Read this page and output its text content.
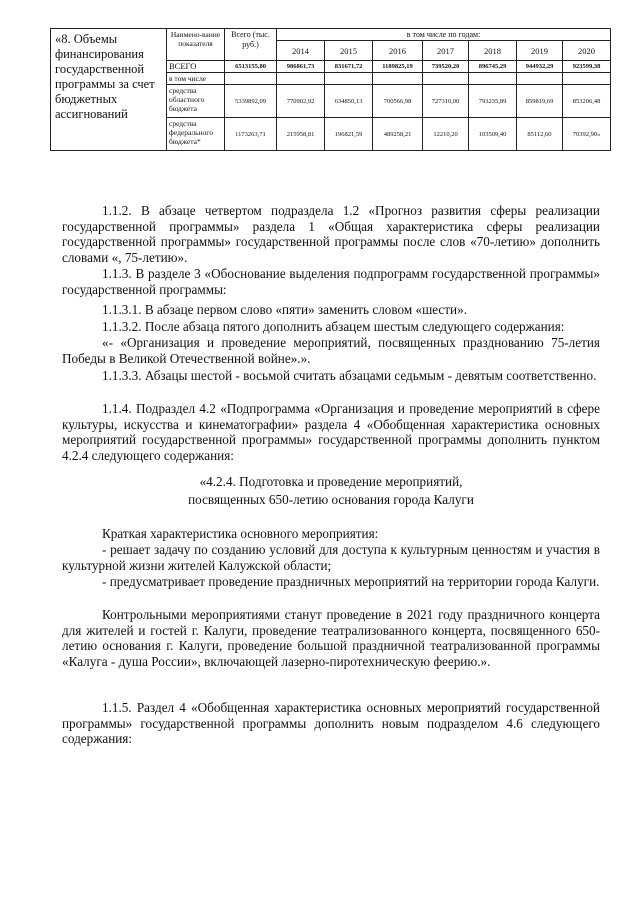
«8. Объемы финансирования государственной программы за счет бюджетных ассигнований	Наимено-вание показателя	Всего (тыс. руб.)	в том числе по годам:						
			2014	2015	2016	2017	2018	2019	2020
	ВСЕГО	6513155,80	986861,73	831671,72	1189825,19	739520,20	896745,29	944932,29	923599,38
	в том числе								
	средства областного бюджета	5339892,09	770902,92	634850,13	700566,98	727310,00	793235,89	859819,69	853206,48
	средства федерального бюджета*	1173263,71	215958,81	196821,59	489258,21	12210,20	103509,40	85112,60	70392,90»

1.1.2. В абзаце четвертом подраздела 1.2 «Прогноз развития сферы реализации государственной программы» раздела 1 «Общая характеристика сферы реализации государственной программы» государственной программы после слов «70-летию» дополнить словами «, 75-летию».

1.1.3. В разделе 3 «Обоснование выделения подпрограмм государственной программы» государственной программы:

1.1.3.1. В абзаце первом слово «пяти» заменить словом «шести».

1.1.3.2. После абзаца пятого дополнить абзацем шестым следующего содержания:

«- «Организация и проведение мероприятий, посвященных празднованию 75-летия Победы в Великой Отечественной войне».».

1.1.3.3. Абзацы шестой - восьмой считать абзацами седьмым - девятым соответственно.

1.1.4. Подраздел 4.2 «Подпрограмма «Организация и проведение мероприятий в сфере культуры, искусства и кинематографии» раздела 4 «Обобщенная характеристика основных мероприятий государственной программы» государственной программы дополнить пунктом 4.2.4 следующего содержания:

«4.2.4. Подготовка и проведение мероприятий,

посвященных 650-летию основания города Калуги

Краткая характеристика основного мероприятия:

- решает задачу по созданию условий для доступа к культурным ценностям и участия в культурной жизни жителей Калужской области;

- предусматривает проведение праздничных мероприятий на территории города Калуги.

Контрольными мероприятиями станут проведение в 2021 году праздничного концерта для жителей и гостей г. Калуги, проведение театрализованного концерта, посвященного 650-летию основания г. Калуги, проведение большой праздничной театрализованной программы «Калуга - душа России», включающей лазерно-пиротехническую феерию.».

1.1.5. Раздел 4 «Обобщенная характеристика основных мероприятий государственной программы» государственной программы дополнить новым подразделом 4.6 следующего содержания:
